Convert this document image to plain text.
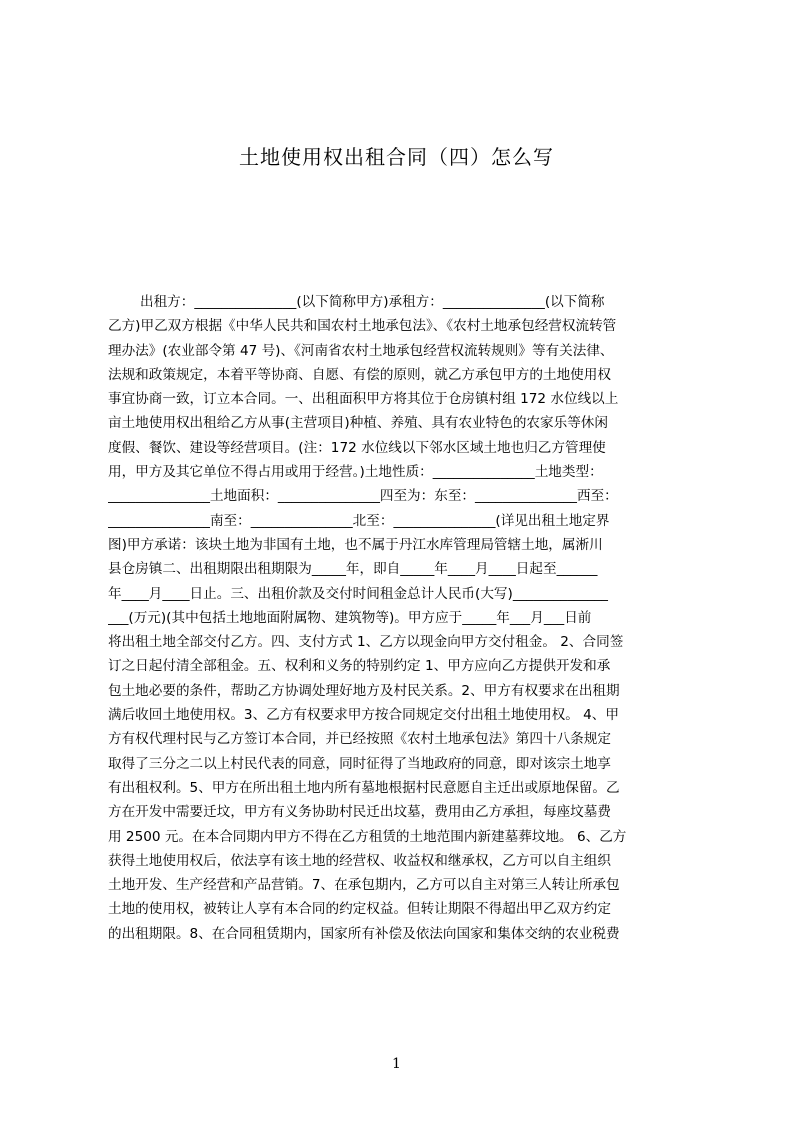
土地使用权出租合同（四）怎么写
出租方：_______________(以下简称甲方)承租方：_______________(以下简称
乙方)甲乙双方根据《中华人民共和国农村土地承包法》、《农村土地承包经营权流转管
理办法》(农业部令第 47 号)、《河南省农村土地承包经营权流转规则》等有关法律、
法规和政策规定，本着平等协商、自愿、有偿的原则，就乙方承包甲方的土地使用权
事宜协商一致，订立本合同。一、出租面积甲方将其位于仓房镇村组 172 水位线以上
亩土地使用权出租给乙方从事(主营项目)种植、养殖、具有农业特色的农家乐等休闲
度假、餐饮、建设等经营项目。(注：172 水位线以下邻水区域土地也归乙方管理使
用，甲方及其它单位不得占用或用于经营。)土地性质：_______________土地类型：
_______________土地面积：_______________四至为：东至：_______________西至：
_______________南至：_______________北至：_______________(详见出租土地定界
图)甲方承诺：该块土地为非国有土地，也不属于丹江水库管理局管辖土地，属淅川
县仓房镇二、出租期限出租期限为_____年，即自_____年____月____日起至______
年____月____日止。三、出租价款及交付时间租金总计人民币(大写)______________
___(万元)(其中包括土地地面附属物、建筑物等)。甲方应于_____年___月___日前
将出租土地全部交付乙方。四、支付方式 1、乙方以现金向甲方交付租金。 2、合同签
订之日起付清全部租金。五、权利和义务的特别约定 1、甲方应向乙方提供开发和承
包土地必要的条件，帮助乙方协调处理好地方及村民关系。2、甲方有权要求在出租期
满后收回土地使用权。3、乙方有权要求甲方按合同规定交付出租土地使用权。 4、甲
方有权代理村民与乙方签订本合同，并已经按照《农村土地承包法》第四十八条规定
取得了三分之二以上村民代表的同意，同时征得了当地政府的同意，即对该宗土地享
有出租权利。5、甲方在所出租土地内所有墓地根据村民意愿自主迁出或原地保留。乙
方在开发中需要迁坟，甲方有义务协助村民迁出坟墓，费用由乙方承担，每座坟墓费
用 2500 元。在本合同期内甲方不得在乙方租赁的土地范围内新建墓葬坟地。 6、乙方
获得土地使用权后，依法享有该土地的经营权、收益权和继承权，乙方可以自主组织
土地开发、生产经营和产品营销。7、在承包期内，乙方可以自主对第三人转让所承包
土地的使用权，被转让人享有本合同的约定权益。但转让期限不得超出甲乙双方约定
的出租期限。8、在合同租赁期内，国家所有补偿及依法向国家和集体交纳的农业税费
1
